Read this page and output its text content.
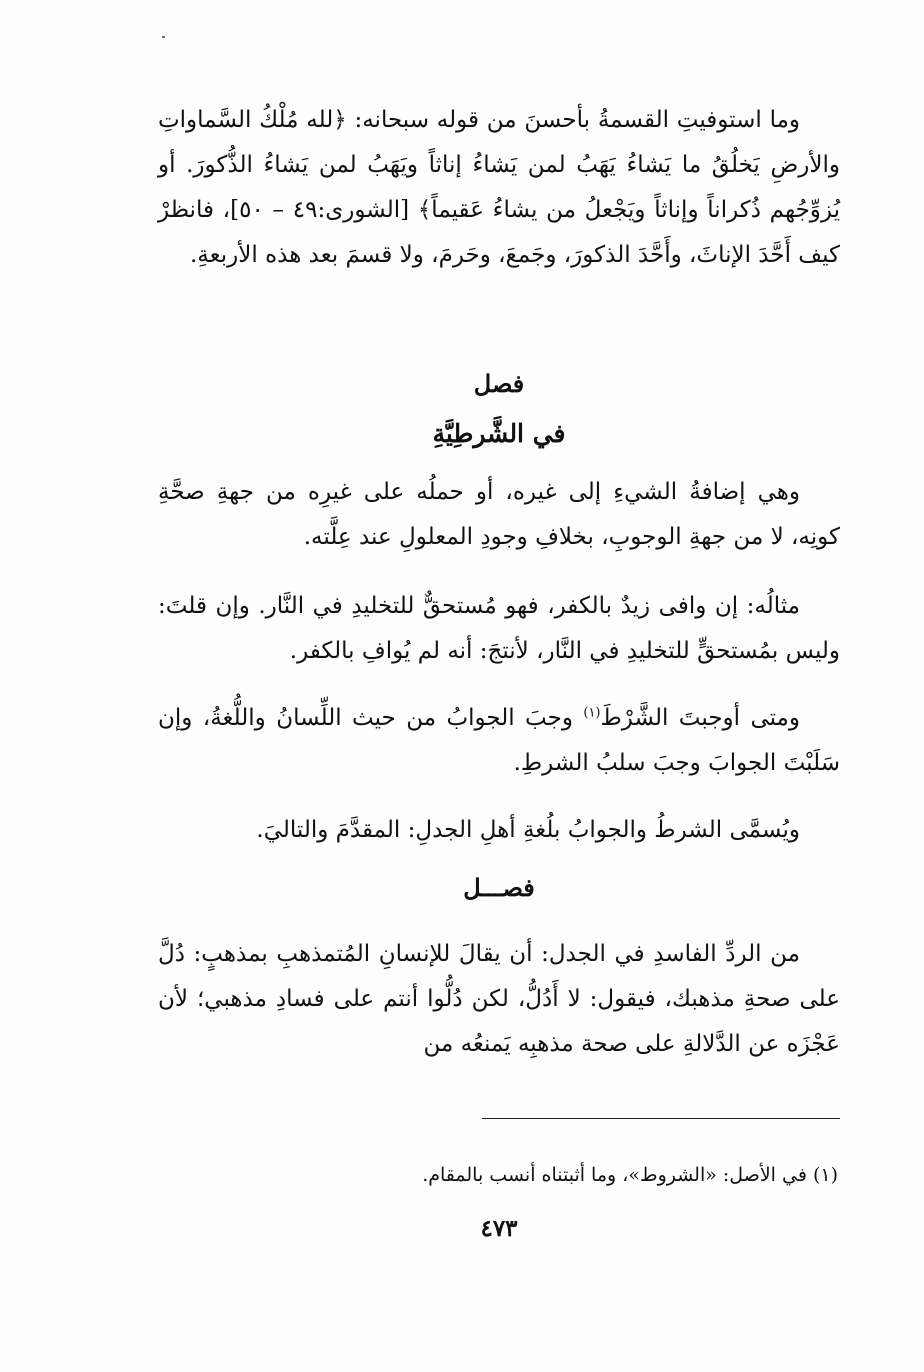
وما استوفيتِ القسمةُ بأحسنَ من قوله سبحانه: ﴿لله مُلْكُ السَّماواتِ والأرضِ يَخلُقُ ما يَشاءُ يَهَبُ لمن يَشاءُ إناثاً ويَهَبُ لمن يَشاءُ الذُّكورَ. أو يُزوِّجُهم ذُكراناً وإناثاً ويَجْعلُ من يشاءُ عَقيماً﴾ [الشورى:٤٩ – ٥٠]، فانظرْ كيف أَحَّدَ الإناثَ، وأَحَّدَ الذكورَ، وجَمعَ، وحَرمَ، ولا قسمَ بعد هذه الأربعةِ.

فصل
في الشَّرطِيَّةِ

وهي إضافةُ الشيءِ إلى غيره، أو حملُه على غيرِه من جهةِ صحَّةِ كونِه، لا من جهةِ الوجوبِ، بخلافِ وجودِ المعلولِ عند عِلَّته.

مثالُه: إن وافى زيدٌ بالكفر، فهو مُستحقٌّ للتخليدِ في النَّار. وإن قلتَ: وليس بمُستحقٍّ للتخليدِ في النَّار، لأنتجَ: أنه لم يُوافِ بالكفر.

ومتى أوجبتَ الشَّرْطَ$^{(١)}$ وجبَ الجوابُ من حيث اللِّسانُ واللُّغةُ، وإن سَلَبْتَ الجوابَ وجبَ سلبُ الشرطِ.

ويُسمَّى الشرطُ والجوابُ بلُغةِ أهلِ الجدلِ: المقدَّمَ والتاليَ.

فصـــل

من الردِّ الفاسدِ في الجدل: أن يقالَ للإنسانِ المُتمذهبِ بمذهبٍ: دُلَّ على صحةِ مذهبك، فيقول: لا أَدُلُّ، لكن دُلُّوا أنتم على فسادِ مذهبي؛ لأن عَجْزَه عن الدَّلالةِ على صحة مذهبِه يَمنعُه من

(١) في الأصل: «الشروط»، وما أثبتناه أنسب بالمقام.
٤٧٣
